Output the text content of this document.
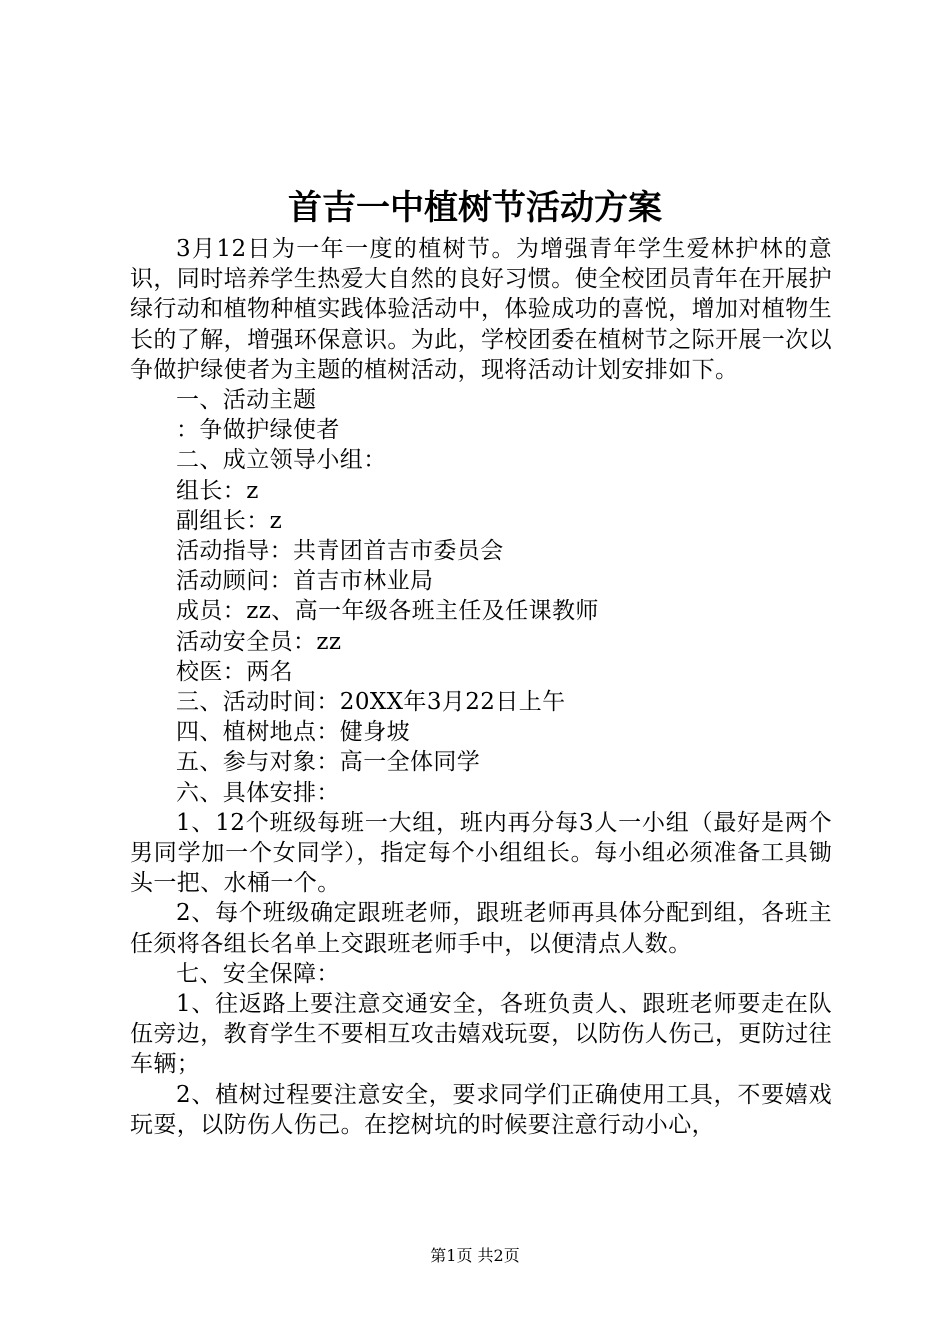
首吉一中植树节活动方案

3月12日为一年一度的植树节。为增强青年学生爱林护林的意识，同时培养学生热爱大自然的良好习惯。使全校团员青年在开展护绿行动和植物种植实践体验活动中，体验成功的喜悦，增加对植物生长的了解，增强环保意识。为此，学校团委在植树节之际开展一次以争做护绿使者为主题的植树活动，现将活动计划安排如下。

一、活动主题

：争做护绿使者

二、成立领导小组：

组长：z

副组长：z

活动指导：共青团首吉市委员会

活动顾问：首吉市林业局

成员：zz、高一年级各班主任及任课教师

活动安全员：zz

校医：两名

三、活动时间：20XX年3月22日上午

四、植树地点：健身坡

五、参与对象：高一全体同学

六、具体安排：

1、12个班级每班一大组，班内再分每3人一小组（最好是两个男同学加一个女同学），指定每个小组组长。每小组必须准备工具锄头一把、水桶一个。

2、每个班级确定跟班老师，跟班老师再具体分配到组，各班主任须将各组长名单上交跟班老师手中，以便清点人数。

七、安全保障：

1、往返路上要注意交通安全，各班负责人、跟班老师要走在队伍旁边，教育学生不要相互攻击嬉戏玩耍，以防伤人伤己，更防过往车辆；

2、植树过程要注意安全，要求同学们正确使用工具，不要嬉戏玩耍，以防伤人伤己。在挖树坑的时候要注意行动小心，

第1页 共2页
